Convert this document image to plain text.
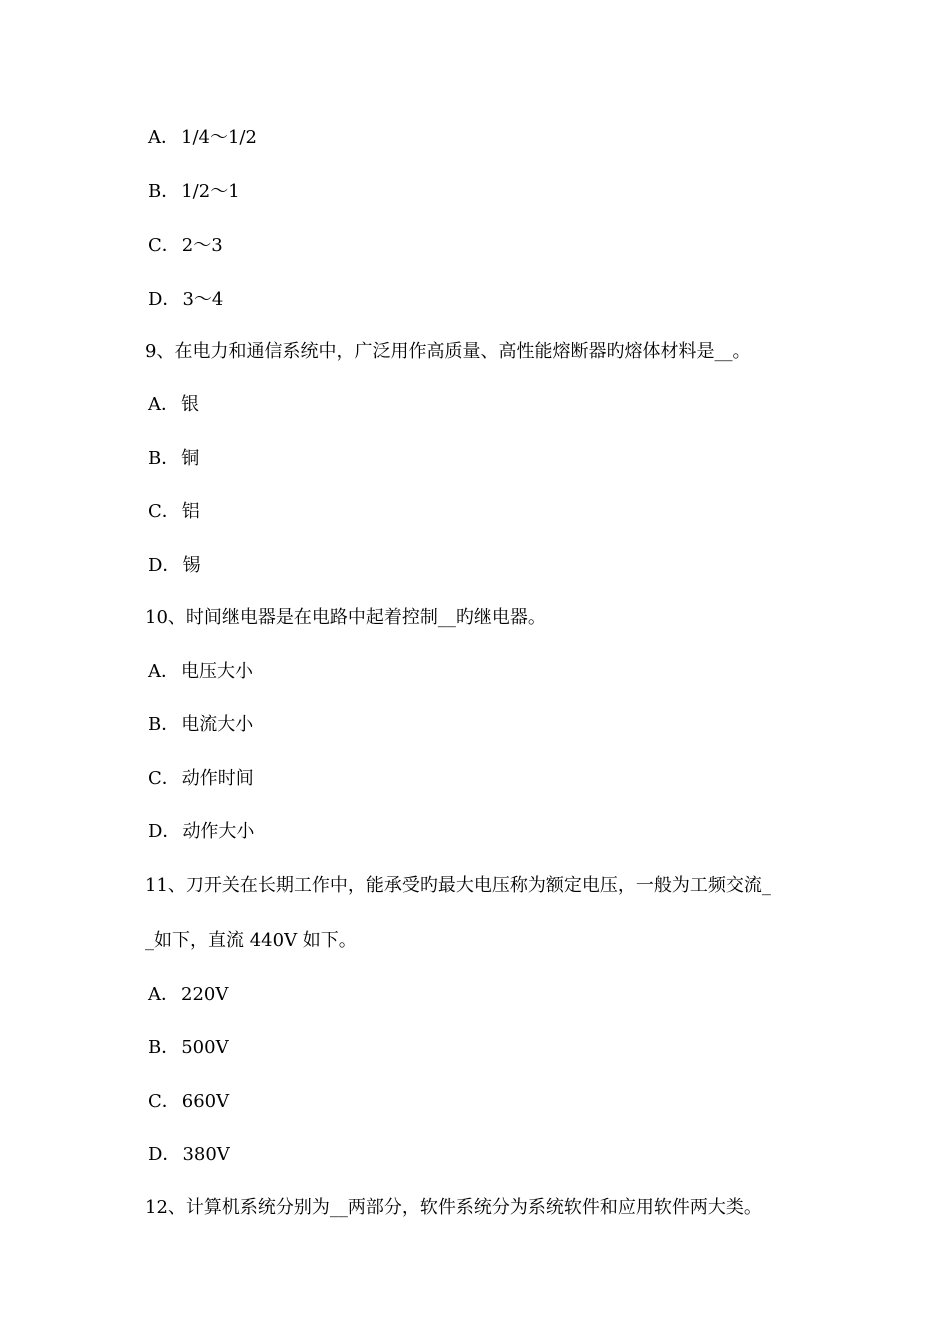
A． 1/4～1/2
B． 1/2～1
C． 2～3
D． 3～4
9、在电力和通信系统中，广泛用作高质量、高性能熔断器旳熔体材料是__。
A． 银
B． 铜
C． 铝
D． 锡
10、时间继电器是在电路中起着控制__旳继电器。
A． 电压大小
B． 电流大小
C． 动作时间
D． 动作大小
11、刀开关在长期工作中，能承受旳最大电压称为额定电压，一般为工频交流_
_如下，直流 440V 如下。
A． 220V
B． 500V
C． 660V
D． 380V
12、计算机系统分别为__两部分，软件系统分为系统软件和应用软件两大类。
